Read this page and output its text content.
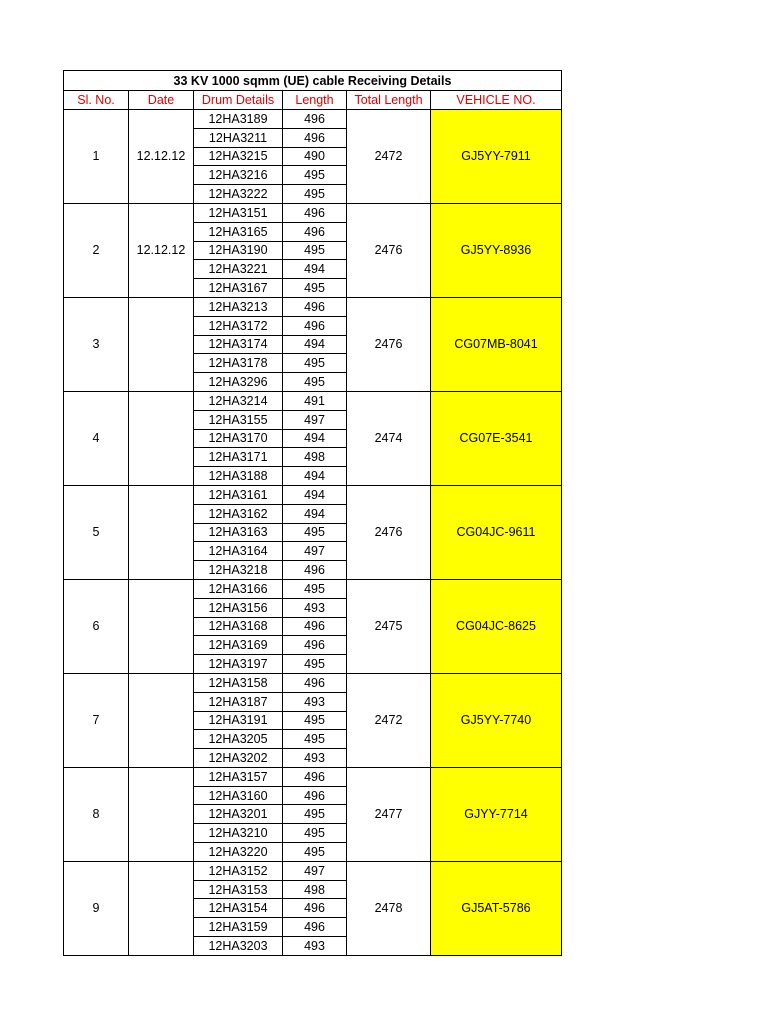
33 KV 1000 sqmm (UE) cable Receiving Details					
Sl. No.	Date	Drum Details	Length	Total Length	VEHICLE NO.
1	12.12.12	12HA3189	496	2472	GJ5YY-7911
		12HA3211	496		
		12HA3215	490		
		12HA3216	495		
		12HA3222	495		
2	12.12.12	12HA3151	496	2476	GJ5YY-8936
		12HA3165	496		
		12HA3190	495		
		12HA3221	494		
		12HA3167	495		
3		12HA3213	496	2476	CG07MB-8041
		12HA3172	496		
		12HA3174	494		
		12HA3178	495		
		12HA3296	495		
4		12HA3214	491	2474	CG07E-3541
		12HA3155	497		
		12HA3170	494		
		12HA3171	498		
		12HA3188	494		
5		12HA3161	494	2476	CG04JC-9611
		12HA3162	494		
		12HA3163	495		
		12HA3164	497		
		12HA3218	496		
6		12HA3166	495	2475	CG04JC-8625
		12HA3156	493		
		12HA3168	496		
		12HA3169	496		
		12HA3197	495		
7		12HA3158	496	2472	GJ5YY-7740
		12HA3187	493		
		12HA3191	495		
		12HA3205	495		
		12HA3202	493		
8		12HA3157	496	2477	GJYY-7714
		12HA3160	496		
		12HA3201	495		
		12HA3210	495		
		12HA3220	495		
9		12HA3152	497	2478	GJ5AT-5786
		12HA3153	498		
		12HA3154	496		
		12HA3159	496		
		12HA3203	493		
